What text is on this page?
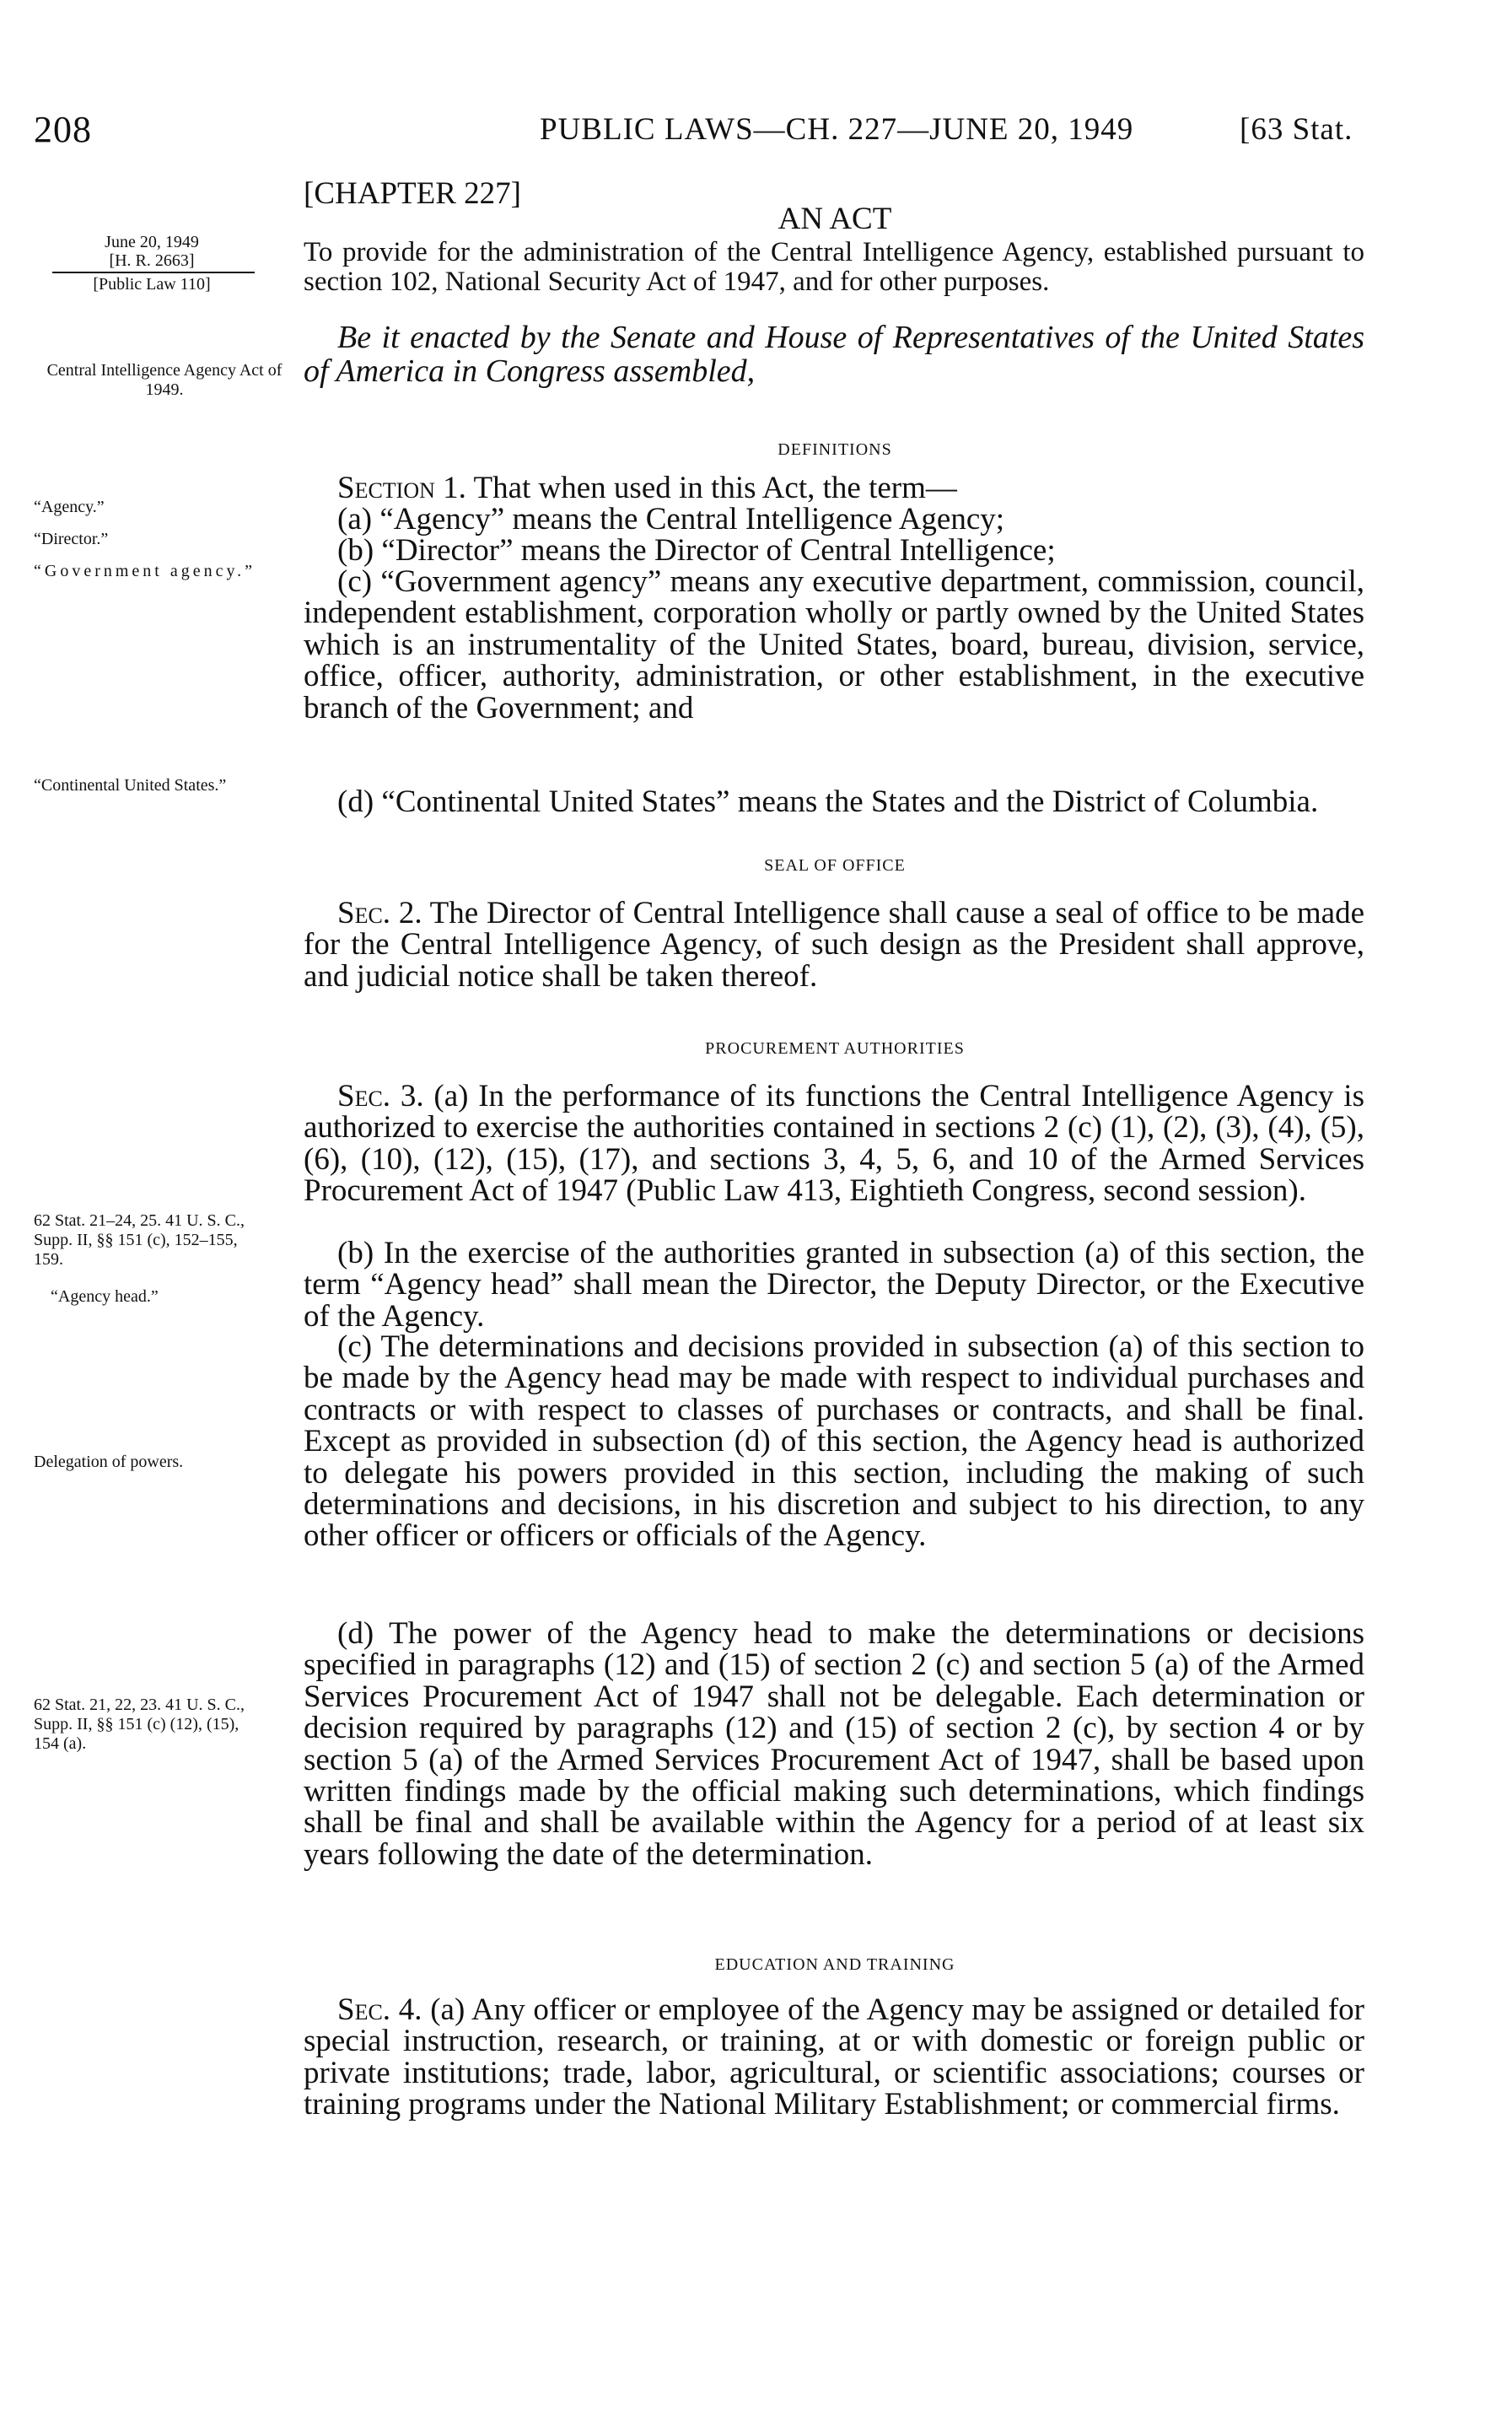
208	PUBLIC LAWS—CH. 227—JUNE 20, 1949	[63 Stat.
[CHAPTER 227]
AN ACT
June 20, 1949
[H. R. 2663]
[Public Law 110]
To provide for the administration of the Central Intelligence Agency, established pursuant to section 102, National Security Act of 1947, and for other purposes.
Central Intelligence Agency Act of 1949.
Be it enacted by the Senate and House of Representatives of the United States of America in Congress assembled,
DEFINITIONS
Section 1. That when used in this Act, the term—
“Agency.”	(a) “Agency” means the Central Intelligence Agency;
“Director.”	(b) “Director” means the Director of Central Intelligence;
“Government agency.”	(c) “Government agency” means any executive department, commission, council, independent establishment, corporation wholly or partly owned by the United States which is an instrumentality of the United States, board, bureau, division, service, office, officer, authority, administration, or other establishment, in the executive branch of the Government; and
“Continental United States.”	(d) “Continental United States” means the States and the District of Columbia.
SEAL OF OFFICE
Sec. 2. The Director of Central Intelligence shall cause a seal of office to be made for the Central Intelligence Agency, of such design as the President shall approve, and judicial notice shall be taken thereof.
PROCUREMENT AUTHORITIES
Sec. 3. (a) In the performance of its functions the Central Intelligence Agency is authorized to exercise the authorities contained in sections 2 (c) (1), (2), (3), (4), (5), (6), (10), (12), (15), (17), and sections 3, 4, 5, 6, and 10 of the Armed Services Procurement Act of 1947 (Public Law 413, Eightieth Congress, second session).
62 Stat. 21–24, 25. 41 U. S. C., Supp. II, §§ 151 (c), 152–155, 159.
“Agency head.”
(b) In the exercise of the authorities granted in subsection (a) of this section, the term “Agency head” shall mean the Director, the Deputy Director, or the Executive of the Agency.
(c) The determinations and decisions provided in subsection (a) of this section to be made by the Agency head may be made with respect to individual purchases and contracts or with respect to classes of purchases or contracts, and shall be final. Except as provided in subsection (d) of this section, the Agency head is authorized to delegate his powers provided in this section, including the making of such determinations and decisions, in his discretion and subject to his direction, to any other officer or officers or officials of the Agency.
Delegation of powers.
(d) The power of the Agency head to make the determinations or decisions specified in paragraphs (12) and (15) of section 2 (c) and section 5 (a) of the Armed Services Procurement Act of 1947 shall not be delegable. Each determination or decision required by paragraphs (12) and (15) of section 2 (c), by section 4 or by section 5 (a) of the Armed Services Procurement Act of 1947, shall be based upon written findings made by the official making such determinations, which findings shall be final and shall be available within the Agency for a period of at least six years following the date of the determination.
62 Stat. 21, 22, 23. 41 U. S. C., Supp. II, §§ 151 (c) (12), (15), 154 (a).
EDUCATION AND TRAINING
Sec. 4. (a) Any officer or employee of the Agency may be assigned or detailed for special instruction, research, or training, at or with domestic or foreign public or private institutions; trade, labor, agricultural, or scientific associations; courses or training programs under the National Military Establishment; or commercial firms.
